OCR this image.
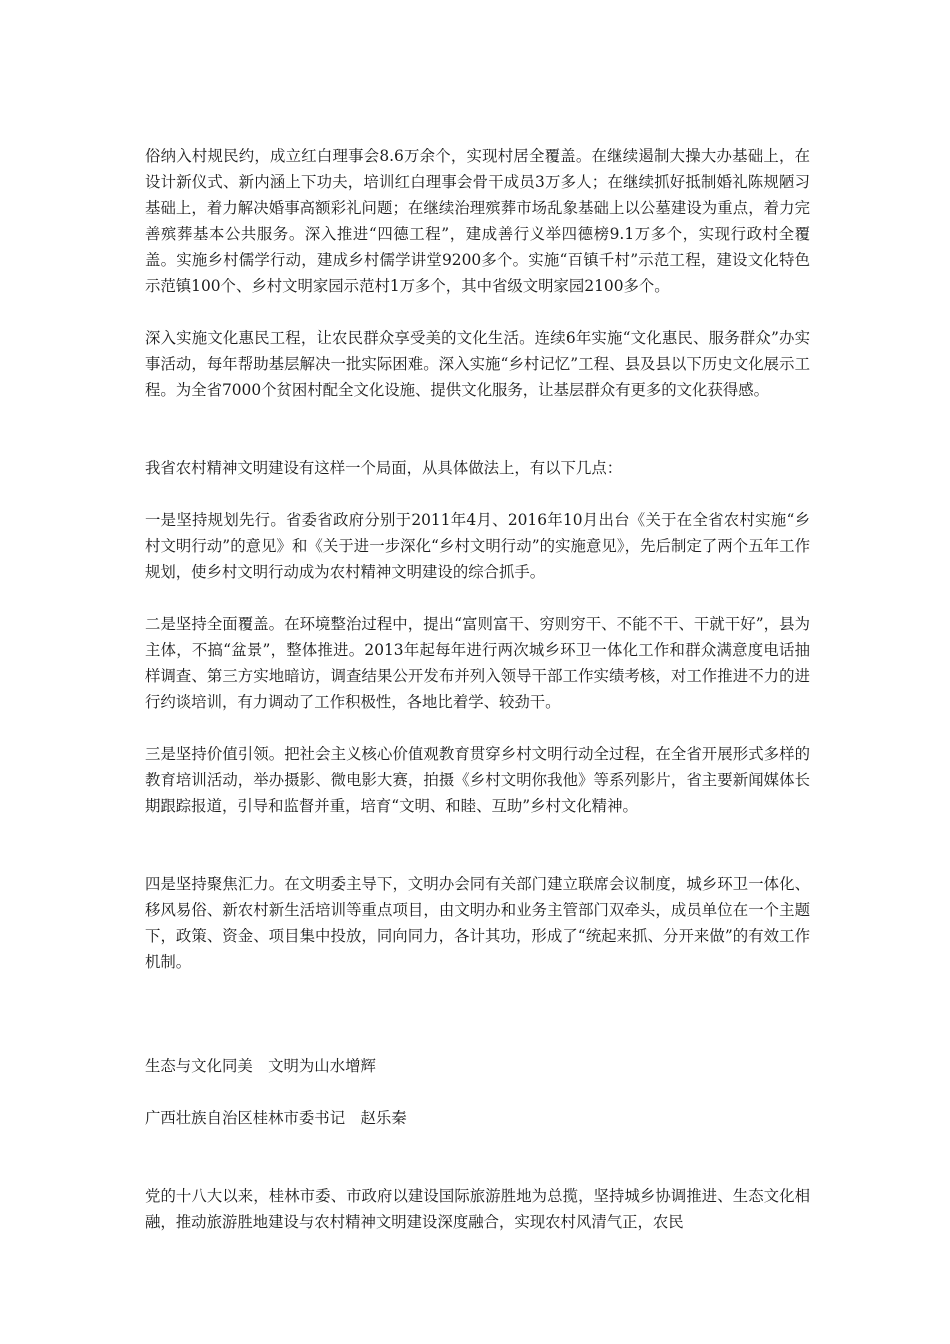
俗纳入村规民约，成立红白理事会8.6万余个，实现村居全覆盖。在继续遏制大操大办基础上，在设计新仪式、新内涵上下功夫，培训红白理事会骨干成员3万多人；在继续抓好抵制婚礼陈规陋习基础上，着力解决婚事高额彩礼问题；在继续治理殡葬市场乱象基础上以公墓建设为重点，着力完善殡葬基本公共服务。深入推进“四德工程”，建成善行义举四德榜9.1万多个，实现行政村全覆盖。实施乡村儒学行动，建成乡村儒学讲堂9200多个。实施“百镇千村”示范工程，建设文化特色示范镇100个、乡村文明家园示范村1万多个，其中省级文明家园2100多个。

深入实施文化惠民工程，让农民群众享受美的文化生活。连续6年实施“文化惠民、服务群众”办实事活动，每年帮助基层解决一批实际困难。深入实施“乡村记忆”工程、县及县以下历史文化展示工程。为全省7000个贫困村配全文化设施、提供文化服务，让基层群众有更多的文化获得感。

我省农村精神文明建设有这样一个局面，从具体做法上，有以下几点：

一是坚持规划先行。省委省政府分别于2011年4月、2016年10月出台《关于在全省农村实施“乡村文明行动”的意见》和《关于进一步深化“乡村文明行动”的实施意见》，先后制定了两个五年工作规划，使乡村文明行动成为农村精神文明建设的综合抓手。

二是坚持全面覆盖。在环境整治过程中，提出“富则富干、穷则穷干、不能不干、干就干好”，县为主体，不搞“盆景”，整体推进。2013年起每年进行两次城乡环卫一体化工作和群众满意度电话抽样调查、第三方实地暗访，调查结果公开发布并列入领导干部工作实绩考核，对工作推进不力的进行约谈培训，有力调动了工作积极性，各地比着学、较劲干。

三是坚持价值引领。把社会主义核心价值观教育贯穿乡村文明行动全过程，在全省开展形式多样的教育培训活动，举办摄影、微电影大赛，拍摄《乡村文明你我他》等系列影片，省主要新闻媒体长期跟踪报道，引导和监督并重，培育“文明、和睦、互助”乡村文化精神。

四是坚持聚焦汇力。在文明委主导下，文明办会同有关部门建立联席会议制度，城乡环卫一体化、移风易俗、新农村新生活培训等重点项目，由文明办和业务主管部门双牵头，成员单位在一个主题下，政策、资金、项目集中投放，同向同力，各计其功，形成了“统起来抓、分开来做”的有效工作机制。

生态与文化同美　文明为山水增辉

广西壮族自治区桂林市委书记　赵乐秦

党的十八大以来，桂林市委、市政府以建设国际旅游胜地为总揽，坚持城乡协调推进、生态文化相融，推动旅游胜地建设与农村精神文明建设深度融合，实现农村风清气正，农民
